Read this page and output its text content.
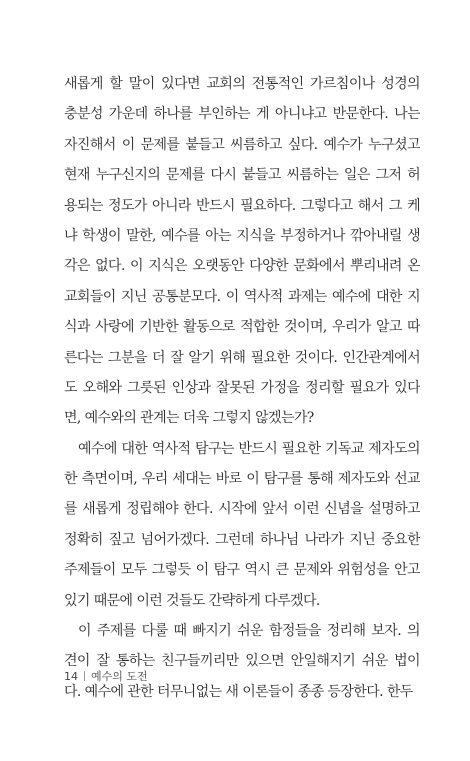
새롭게 할 말이 있다면 교회의 전통적인 가르침이나 성경의
충분성 가운데 하나를 부인하는 게 아니냐고 반문한다. 나는
자진해서 이 문제를 붙들고 씨름하고 싶다. 예수가 누구셨고
현재 누구신지의 문제를 다시 붙들고 씨름하는 일은 그저 허
용되는 정도가 아니라 반드시 필요하다. 그렇다고 해서 그 케
냐 학생이 말한, 예수를 아는 지식을 부정하거나 깎아내릴 생
각은 없다. 이 지식은 오랫동안 다양한 문화에서 뿌리내려 온
교회들이 지닌 공통분모다. 이 역사적 과제는 예수에 대한 지
식과 사랑에 기반한 활동으로 적합한 것이며, 우리가 알고 따
른다는 그분을 더 잘 알기 위해 필요한 것이다. 인간관계에서
도 오해와 그릇된 인상과 잘못된 가정을 정리할 필요가 있다
면, 예수와의 관계는 더욱 그렇지 않겠는가?
예수에 대한 역사적 탐구는 반드시 필요한 기독교 제자도의
한 측면이며, 우리 세대는 바로 이 탐구를 통해 제자도와 선교
를 새롭게 정립해야 한다. 시작에 앞서 이런 신념을 설명하고
정확히 짚고 넘어가겠다. 그런데 하나님 나라가 지닌 중요한
주제들이 모두 그렇듯 이 탐구 역시 큰 문제와 위험성을 안고
있기 때문에 이런 것들도 간략하게 다루겠다.
이 주제를 다룰 때 빠지기 쉬운 함정들을 정리해 보자. 의
견이 잘 통하는 친구들끼리만 있으면 안일해지기 쉬운 법이
다. 예수에 관한 터무니없는 새 이론들이 종종 등장한다. 한두
14 예수의 도전
